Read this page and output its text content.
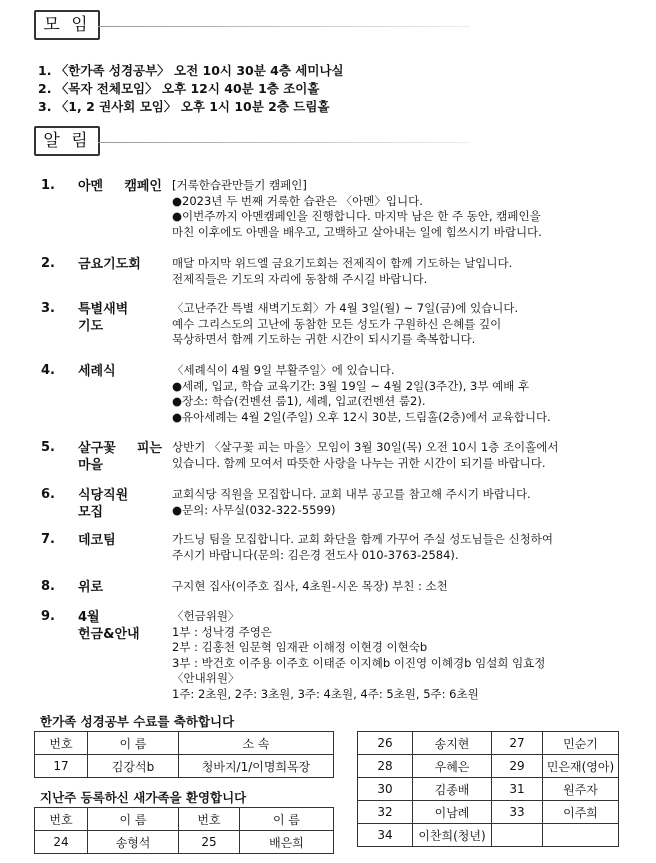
모 임
1. 〈한가족 성경공부〉 오전 10시 30분 4층 세미나실
2. 〈목자 전체모임〉 오후 12시 40분 1층 조이홀
3. 〈1, 2 권사회 모임〉 오후 1시 10분 2층 드림홀
알 림
1. 아멘 캠페인 [거룩한습관만들기 캠페인]
●2023년 두 번째 거룩한 습관은 〈아멘〉입니다.
●이번주까지 아멘캠페인을 진행합니다. 마지막 남은 한 주 동안, 캠페인을
마친 이후에도 아멘을 배우고, 고백하고 살아내는 일에 힘쓰시기 바랍니다.
2. 금요기도회	매달 마지막 위드엘 금요기도회는 전제직이 함께 기도하는 날입니다.
전제직들은 기도의 자리에 동참해 주시길 바랍니다.
3. 특별새벽
기도
〈고난주간 특별 새벽기도회〉가 4월 3일(월) ~ 7일(금)에 있습니다.
예수 그리스도의 고난에 동참한 모든 성도가 구원하신 은혜를 깊이
묵상하면서 함께 기도하는 귀한 시간이 되시기를 축복합니다.
4. 세례식	〈세례식이 4월 9일 부활주일〉에 있습니다.
●세례, 입교, 학습 교육기간: 3월 19일 ~ 4월 2일(3주간), 3부 예배 후
●장소: 학습(컨벤션 룸1), 세례, 입교(컨벤션 룸2).
●유아세례는 4월 2일(주일) 오후 12시 30분, 드림홀(2층)에서 교육합니다.
5. 살구꽃 피는
마을
상반기 〈살구꽃 피는 마을〉모임이 3월 30일(목) 오전 10시 1층 조이홀에서
있습니다. 함께 모여서 따뜻한 사랑을 나누는 귀한 시간이 되기를 바랍니다.
6. 식당직원
모집
교회식당 직원을 모집합니다. 교회 내부 공고를 참고해 주시기 바랍니다.
●문의: 사무실(032-322-5599)
7. 데코팀	가드닝 팀을 모집합니다. 교회 화단을 함께 가꾸어 주실 성도님들은 신청하여
주시기 바랍니다(문의: 김은경 전도사 010-3763-2584).
8. 위로	구지현 집사(이주호 집사, 4초원-시온 목장) 부친 : 소천
9. 4월
헌금&안내
〈헌금위원〉
1부 : 성낙경 주영은
2부 : 김홍천 임문혁 임재관 이해정 이현경 이현숙b
3부 : 박건호 이주용 이주호 이태준 이지혜b 이진영 이혜경b 임설희 임효정
〈안내위원〉
1주: 2초원, 2주: 3초원, 3주: 4초원, 4주: 5초원, 5주: 6초원
한가족 성경공부 수료를 축하합니다
번호	이 름	소 속
17	김강석b	청바지/1/이명희목장
지난주 등록하신 새가족을 환영합니다
번호	이 름	번호	이 름
24	송형석	25	배은희
26	송지현	27	민순기
28	우혜은	29	민은재(영아)
30	김종배	31	원주자
32	이남례	33	이주희
34	이찬희(청년)		
